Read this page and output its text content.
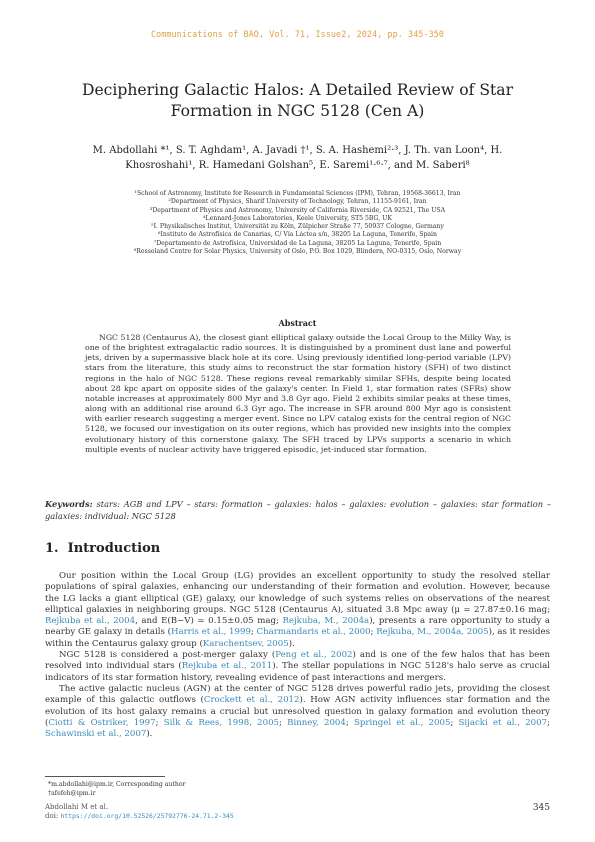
Communications of BAO, Vol. 71, Issue2, 2024, pp. 345-350
Deciphering Galactic Halos: A Detailed Review of Star
Formation in NGC 5128 (Cen A)
M. Abdollahi *¹, S. T. Aghdam¹, A. Javadi †¹, S. A. Hashemi²·³, J. Th. van Loon⁴, H.
Khosroshahi¹, R. Hamedani Golshan⁵, E. Saremi¹·⁶·⁷, and M. Saberi⁸
¹School of Astronomy, Institute for Research in Fundamental Sciences (IPM), Tehran, 19568-36613, Iran
²Department of Physics, Sharif University of Technology, Tehran, 11155-9161, Iran
³Department of Physics and Astronomy, University of California Riverside, CA 92521, The USA
⁴Lennard-Jones Laboratories, Keele University, ST5 5BG, UK
⁵I. Physikalisches Institut, Universität zu Köln, Zülpicher Straße 77, 50937 Cologne, Germany
⁶Instituto de Astrofísica de Canarias, C/ Vía Láctea s/n, 38205 La Laguna, Tenerife, Spain
⁷Departamento de Astrofísica, Universidad de La Laguna, 38205 La Laguna, Tenerife, Spain
⁸Rosseland Centre for Solar Physics, University of Oslo, P.O. Box 1029, Blindern, NO-0315, Oslo, Norway
Abstract
NGC 5128 (Centaurus A), the closest giant elliptical galaxy outside the Local Group to the Milky Way, is one of the brightest extragalactic radio sources. It is distinguished by a prominent dust lane and powerful jets, driven by a supermassive black hole at its core. Using previously identified long-period variable (LPV) stars from the literature, this study aims to reconstruct the star formation history (SFH) of two distinct regions in the halo of NGC 5128. These regions reveal remarkably similar SFHs, despite being located about 28 kpc apart on opposite sides of the galaxy's center. In Field 1, star formation rates (SFRs) show notable increases at approximately 800 Myr and 3.8 Gyr ago. Field 2 exhibits similar peaks at these times, along with an additional rise around 6.3 Gyr ago. The increase in SFR around 800 Myr ago is consistent with earlier research suggesting a merger event. Since no LPV catalog exists for the central region of NGC 5128, we focused our investigation on its outer regions, which has provided new insights into the complex evolutionary history of this cornerstone galaxy. The SFH traced by LPVs supports a scenario in which multiple events of nuclear activity have triggered episodic, jet-induced star formation.
Keywords: stars: AGB and LPV – stars: formation – galaxies: halos – galaxies: evolution – galaxies: star formation – galaxies: individual: NGC 5128
1. Introduction

Our position within the Local Group (LG) provides an excellent opportunity to study the resolved stellar populations of spiral galaxies, enhancing our understanding of their formation and evolution. However, because the LG lacks a giant elliptical (GE) galaxy, our knowledge of such systems relies on observations of the nearest elliptical galaxies in neighboring groups. NGC 5128 (Centaurus A), situated 3.8 Mpc away (μ = 27.87±0.16 mag; Rejkuba et al., 2004, and E(B−V) = 0.15±0.05 mag; Rejkuba, M., 2004a), presents a rare opportunity to study a nearby GE galaxy in details (Harris et al., 1999; Charmandaris et al., 2000; Rejkuba, M., 2004a, 2005), as it resides within the Centaurus galaxy group (Karachentsev, 2005).

NGC 5128 is considered a post-merger galaxy (Peng et al., 2002) and is one of the few halos that has been resolved into individual stars (Rejkuba et al., 2011). The stellar populations in NGC 5128's halo serve as crucial indicators of its star formation history, revealing evidence of past interactions and mergers.

The active galactic nucleus (AGN) at the center of NGC 5128 drives powerful radio jets, providing the closest example of this galactic outflows (Crockett et al., 2012). How AGN activity influences star formation and the evolution of its host galaxy remains a crucial but unresolved question in galaxy formation and evolution theory (Ciotti & Ostriker, 1997; Silk & Rees, 1998, 2005; Binney, 2004; Springel et al., 2005; Sijacki et al., 2007; Schawinski et al., 2007).

*m.abdollahi@ipm.ir, Corresponding author
†afefeh@ipm.ir
Abdollahi M et al.
doi: https://doi.org/10.52526/25792776-24.71.2-345
345
